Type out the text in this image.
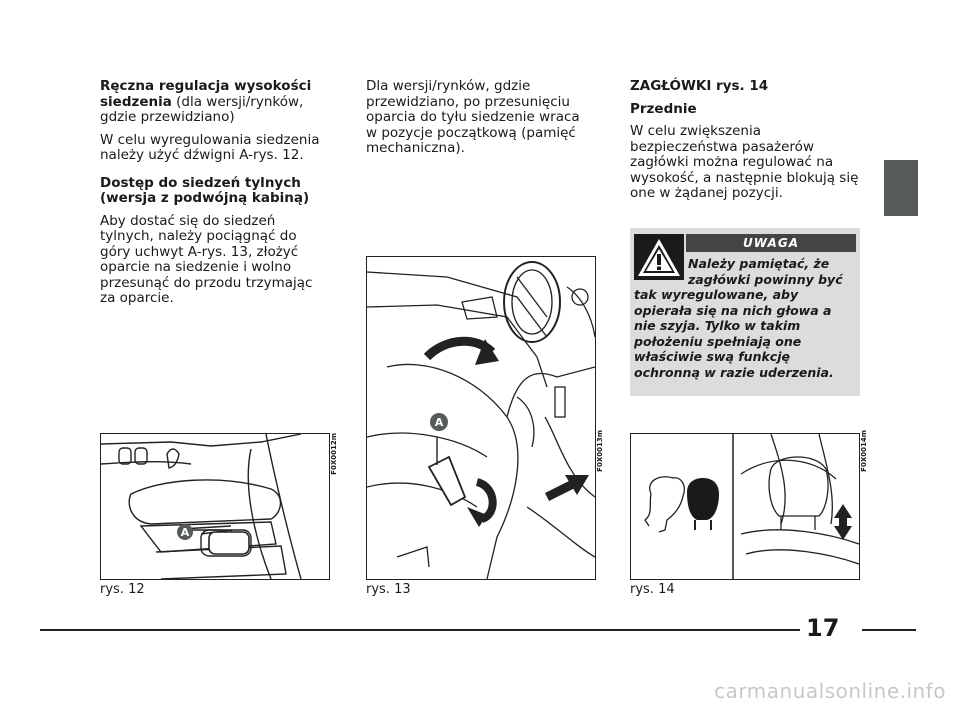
Ręczna regulacja wysokości siedzenia (dla wersji/rynków, gdzie przewidziano)

W celu wyregulowania siedzenia należy użyć dźwigni A-rys. 12.

Dostęp do siedzeń tylnych (wersja z podwójną kabiną)

Aby dostać się do siedzeń tylnych, należy pociągnąć do góry uchwyt A-rys. 13, złożyć oparcie na siedzenie i wolno przesunąć do przodu trzymając za oparcie.

Dla wersji/rynków, gdzie przewidziano, po przesunięciu oparcia do tyłu siedzenie wraca w pozycje początkową (pamięć mechaniczna).

ZAGŁÓWKI rys. 14

Przednie

W celu zwiększenia bezpieczeństwa pasażerów zagłówki można regulować na wysokość, a następnie blokują się one w żądanej pozycji.

UWAGA
Należy pamiętać, że zagłówki powinny być
tak wyregulowane, aby opierała się na nich głowa a nie szyja. Tylko w takim położeniu spełniają one właściwie swą funkcję ochronną w razie uderzenia.
A
F0X0012m
rys. 12
A
F0X0013m
rys. 13
F0X0014m
rys. 14
17
carmanualsonline.info
